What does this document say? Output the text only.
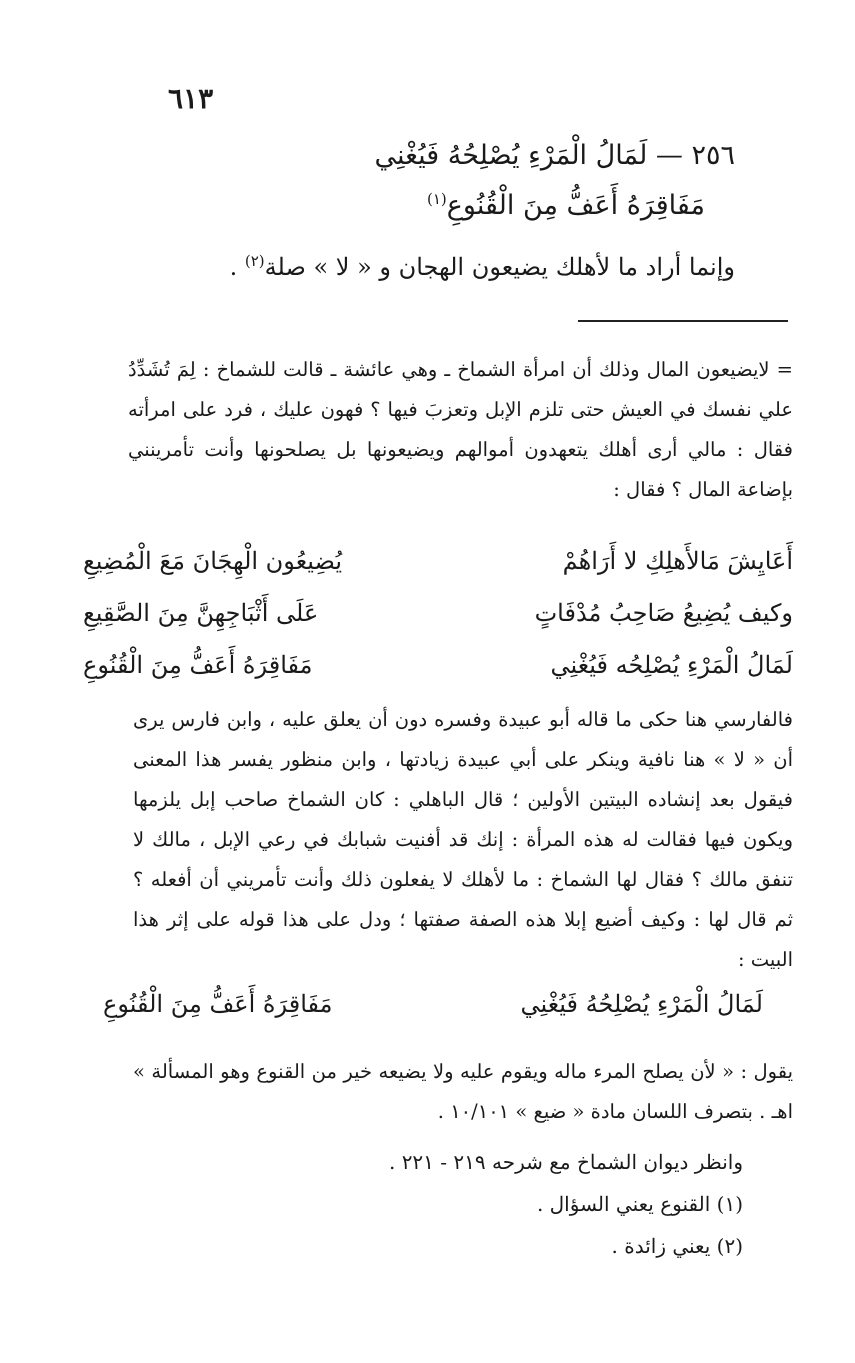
٦١٣
٢٥٦ — لَمَالُ الْمَرْءِ يُصْلِحُهُ فَيُغْنِي
مَفَاقِرَهُ أَعَفُّ مِنَ الْقُنُوعِ$^{(١)}$
وإنما أراد ما لأهلك يضيعون الهجان و « لا » صلة$^{(٢)}$ .
= لايضيعون المال وذلك أن امرأة الشماخ ـ وهي عائشة ـ قالت للشماخ : لِمَ تُشَدِّدُ علي نفسك في العيش حتى تلزم الإبل وتعزبَ فيها ؟ فهون عليك ، فرد على امرأته فقال : مالي أرى أهلك يتعهدون أموالهم ويضيعونها بل يصلحونها وأنت تأمرينني بإضاعة المال ؟ فقال :
أَعَايِشَ مَالأَهلِكِ لا أَرَاهُمْ
يُضِيعُون الْهِجَانَ مَعَ الْمُضِيعِ
وكيف يُضِيعُ صَاحِبُ مُدْفَاتٍ
عَلَى أَثْبَاجِهِنَّ مِنَ الصَّقِيعِ
لَمَالُ الْمَرْءِ يُصْلِحُه فَيُغْنِي
مَفَاقِرَهُ أَعَفُّ مِنَ الْقُنُوعِ
فالفارسي هنا حكى ما قاله أبو عبيدة وفسره دون أن يعلق عليه ، وابن فارس يرى أن « لا » هنا نافية وينكر على أبي عبيدة زيادتها ، وابن منظور يفسر هذا المعنى فيقول بعد إنشاده البيتين الأولين ؛ قال الباهلي : كان الشماخ صاحب إبل يلزمها ويكون فيها فقالت له هذه المرأة : إنك قد أفنيت شبابك في رعي الإبل ، مالك لا تنفق مالك ؟ فقال لها الشماخ : ما لأهلك لا يفعلون ذلك وأنت تأمريني أن أفعله ؟ ثم قال لها : وكيف أضيع إبلا هذه الصفة صفتها ؛ ودل على هذا قوله على إثر هذا البيت :
لَمَالُ الْمَرْءِ يُصْلِحُهُ فَيُغْنِي
مَفَاقِرَهُ أَعَفُّ مِنَ الْقُنُوعِ
يقول : « لأن يصلح المرء ماله ويقوم عليه ولا يضيعه خير من القنوع وهو المسألة » اهـ . بتصرف اللسان مادة « ضيع » ١٠/١٠١ .
وانظر ديوان الشماخ مع شرحه ٢١٩ - ٢٢١ .
(١) القنوع يعني السؤال .
(٢) يعني زائدة .
